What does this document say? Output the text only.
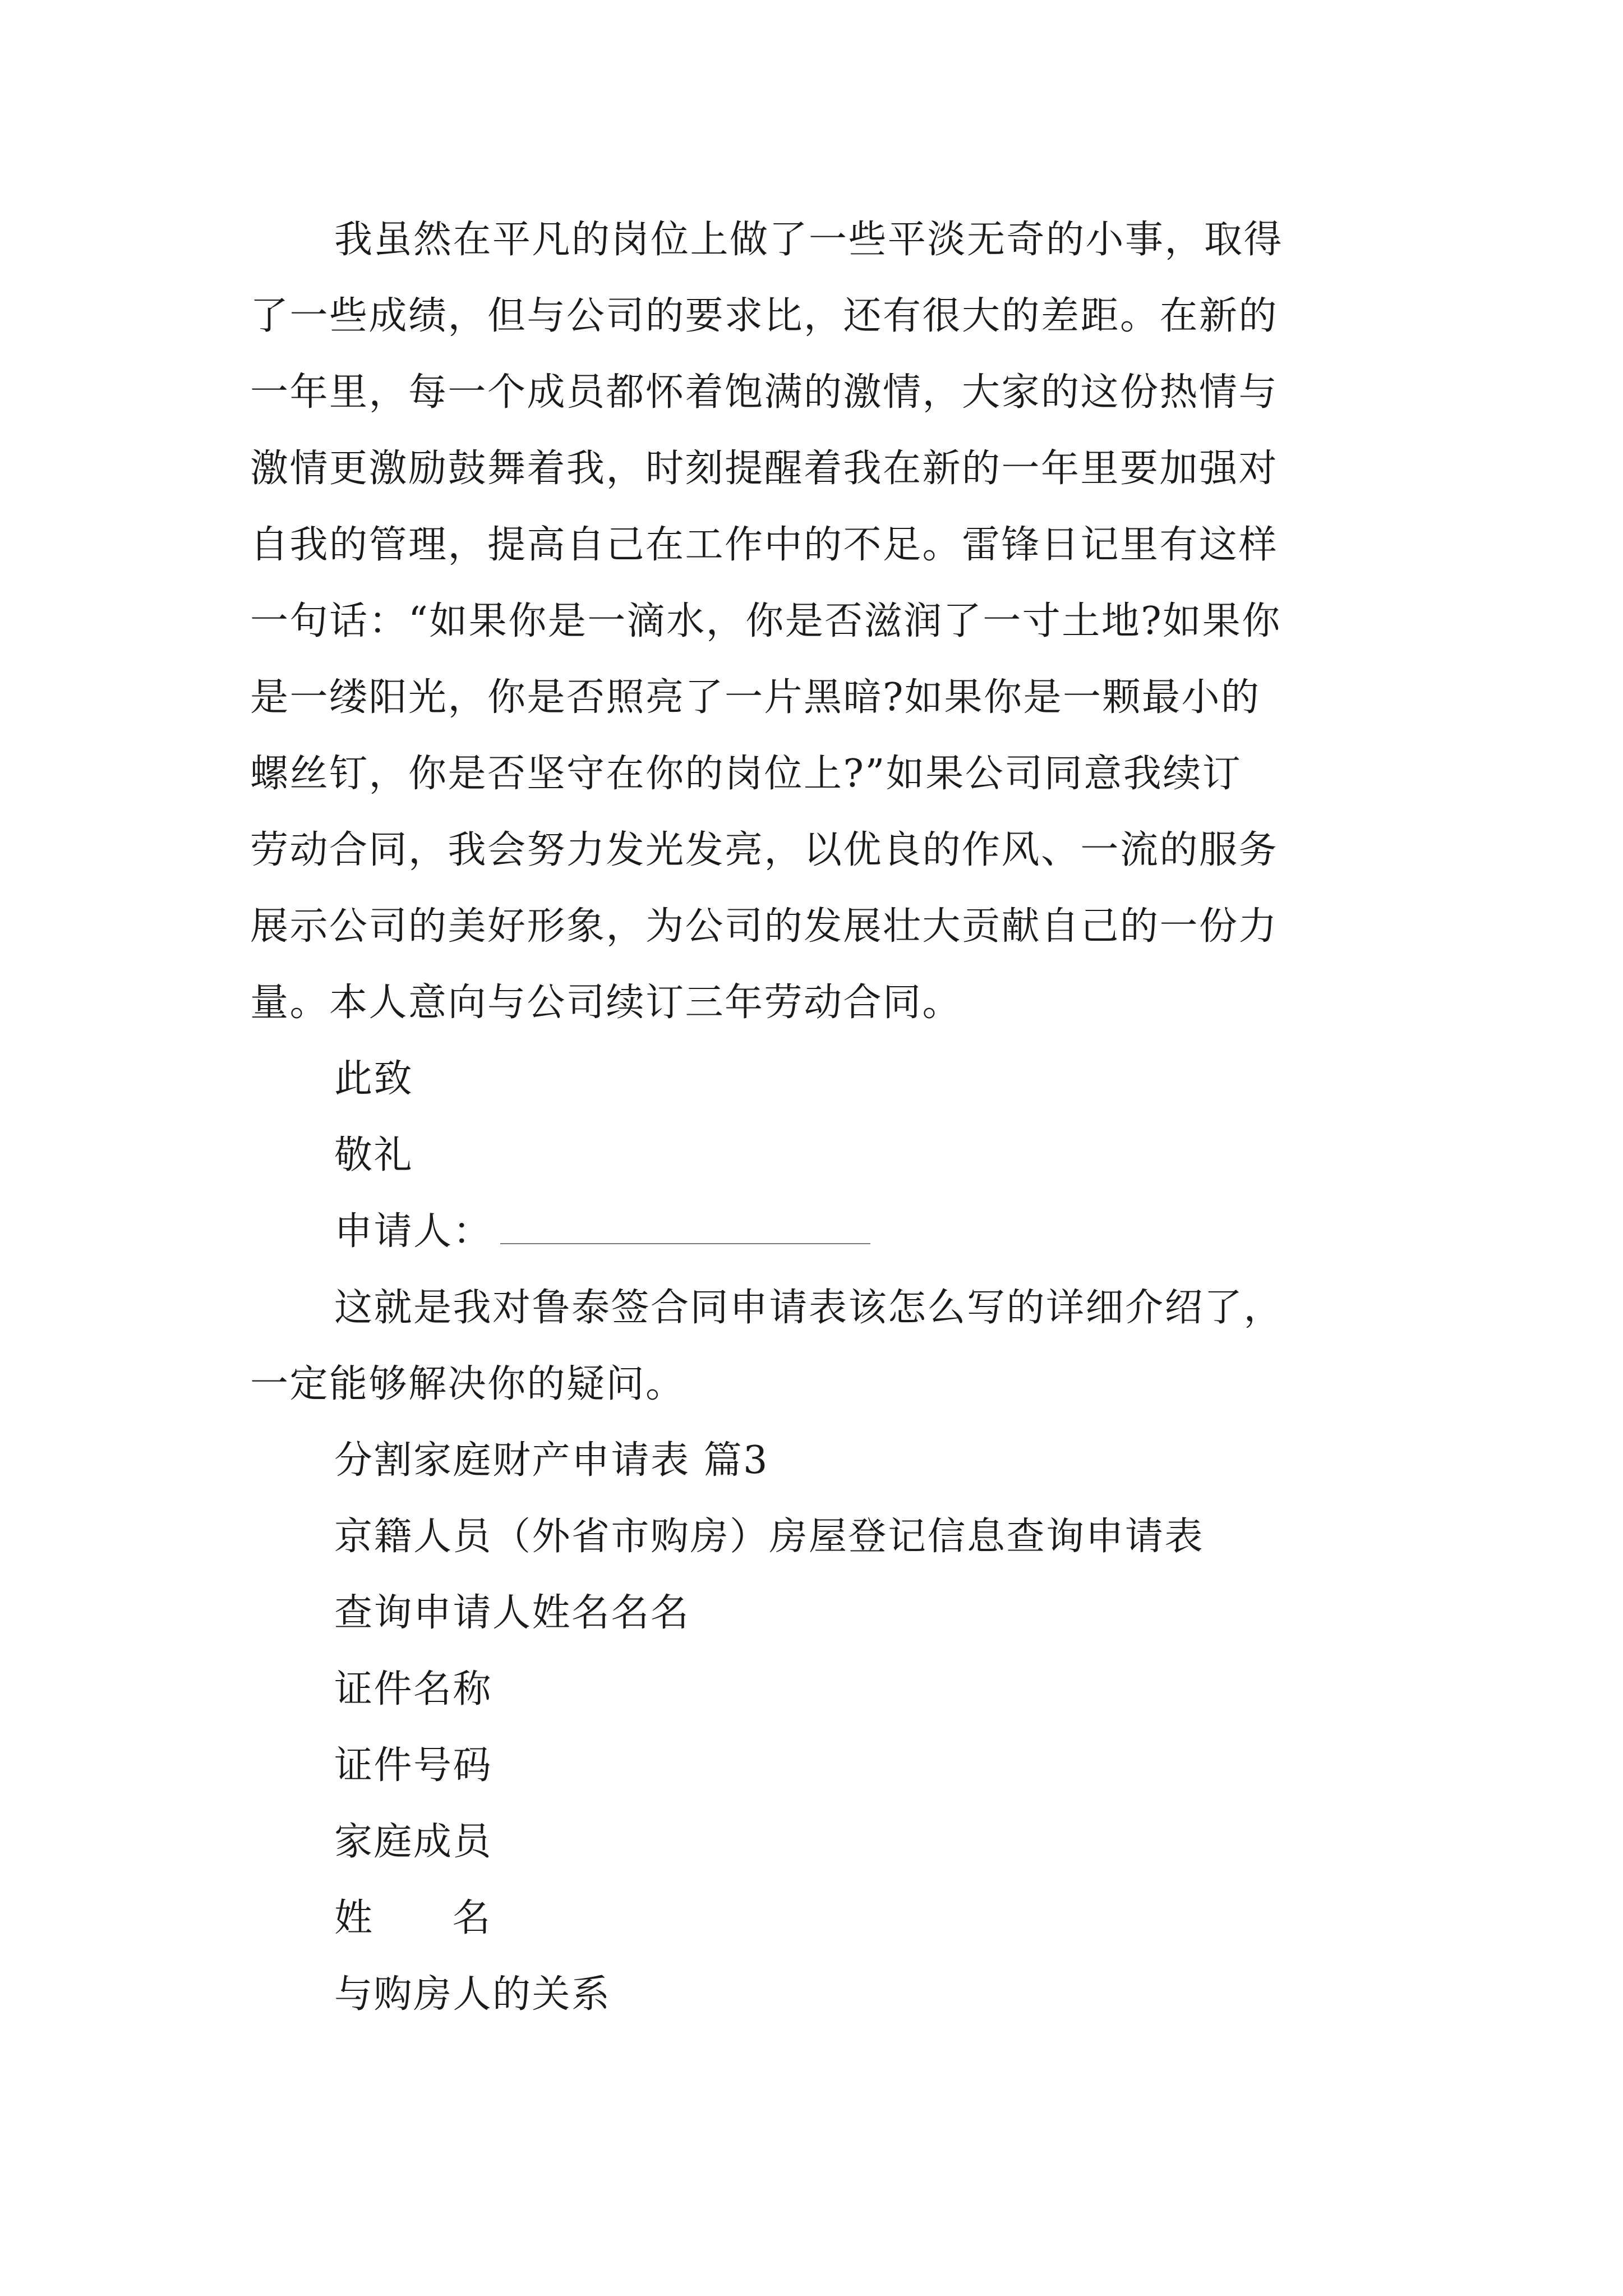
我虽然在平凡的岗位上做了一些平淡无奇的小事，取得
了一些成绩，但与公司的要求比，还有很大的差距。在新的
一年里，每一个成员都怀着饱满的激情，大家的这份热情与
激情更激励鼓舞着我，时刻提醒着我在新的一年里要加强对
自我的管理，提高自己在工作中的不足。雷锋日记里有这样
一句话：“如果你是一滴水，你是否滋润了一寸土地?如果你
是一缕阳光，你是否照亮了一片黑暗?如果你是一颗最小的
螺丝钉，你是否坚守在你的岗位上?”如果公司同意我续订
劳动合同，我会努力发光发亮，以优良的作风、一流的服务
展示公司的美好形象，为公司的发展壮大贡献自己的一份力
量。本人意向与公司续订三年劳动合同。
此致
敬礼
申请人：
这就是我对鲁泰签合同申请表该怎么写的详细介绍了，
一定能够解决你的疑问。
分割家庭财产申请表 篇3
京籍人员（外省市购房）房屋登记信息查询申请表
查询申请人姓名名名
证件名称
证件号码
家庭成员
姓 名
与购房人的关系
